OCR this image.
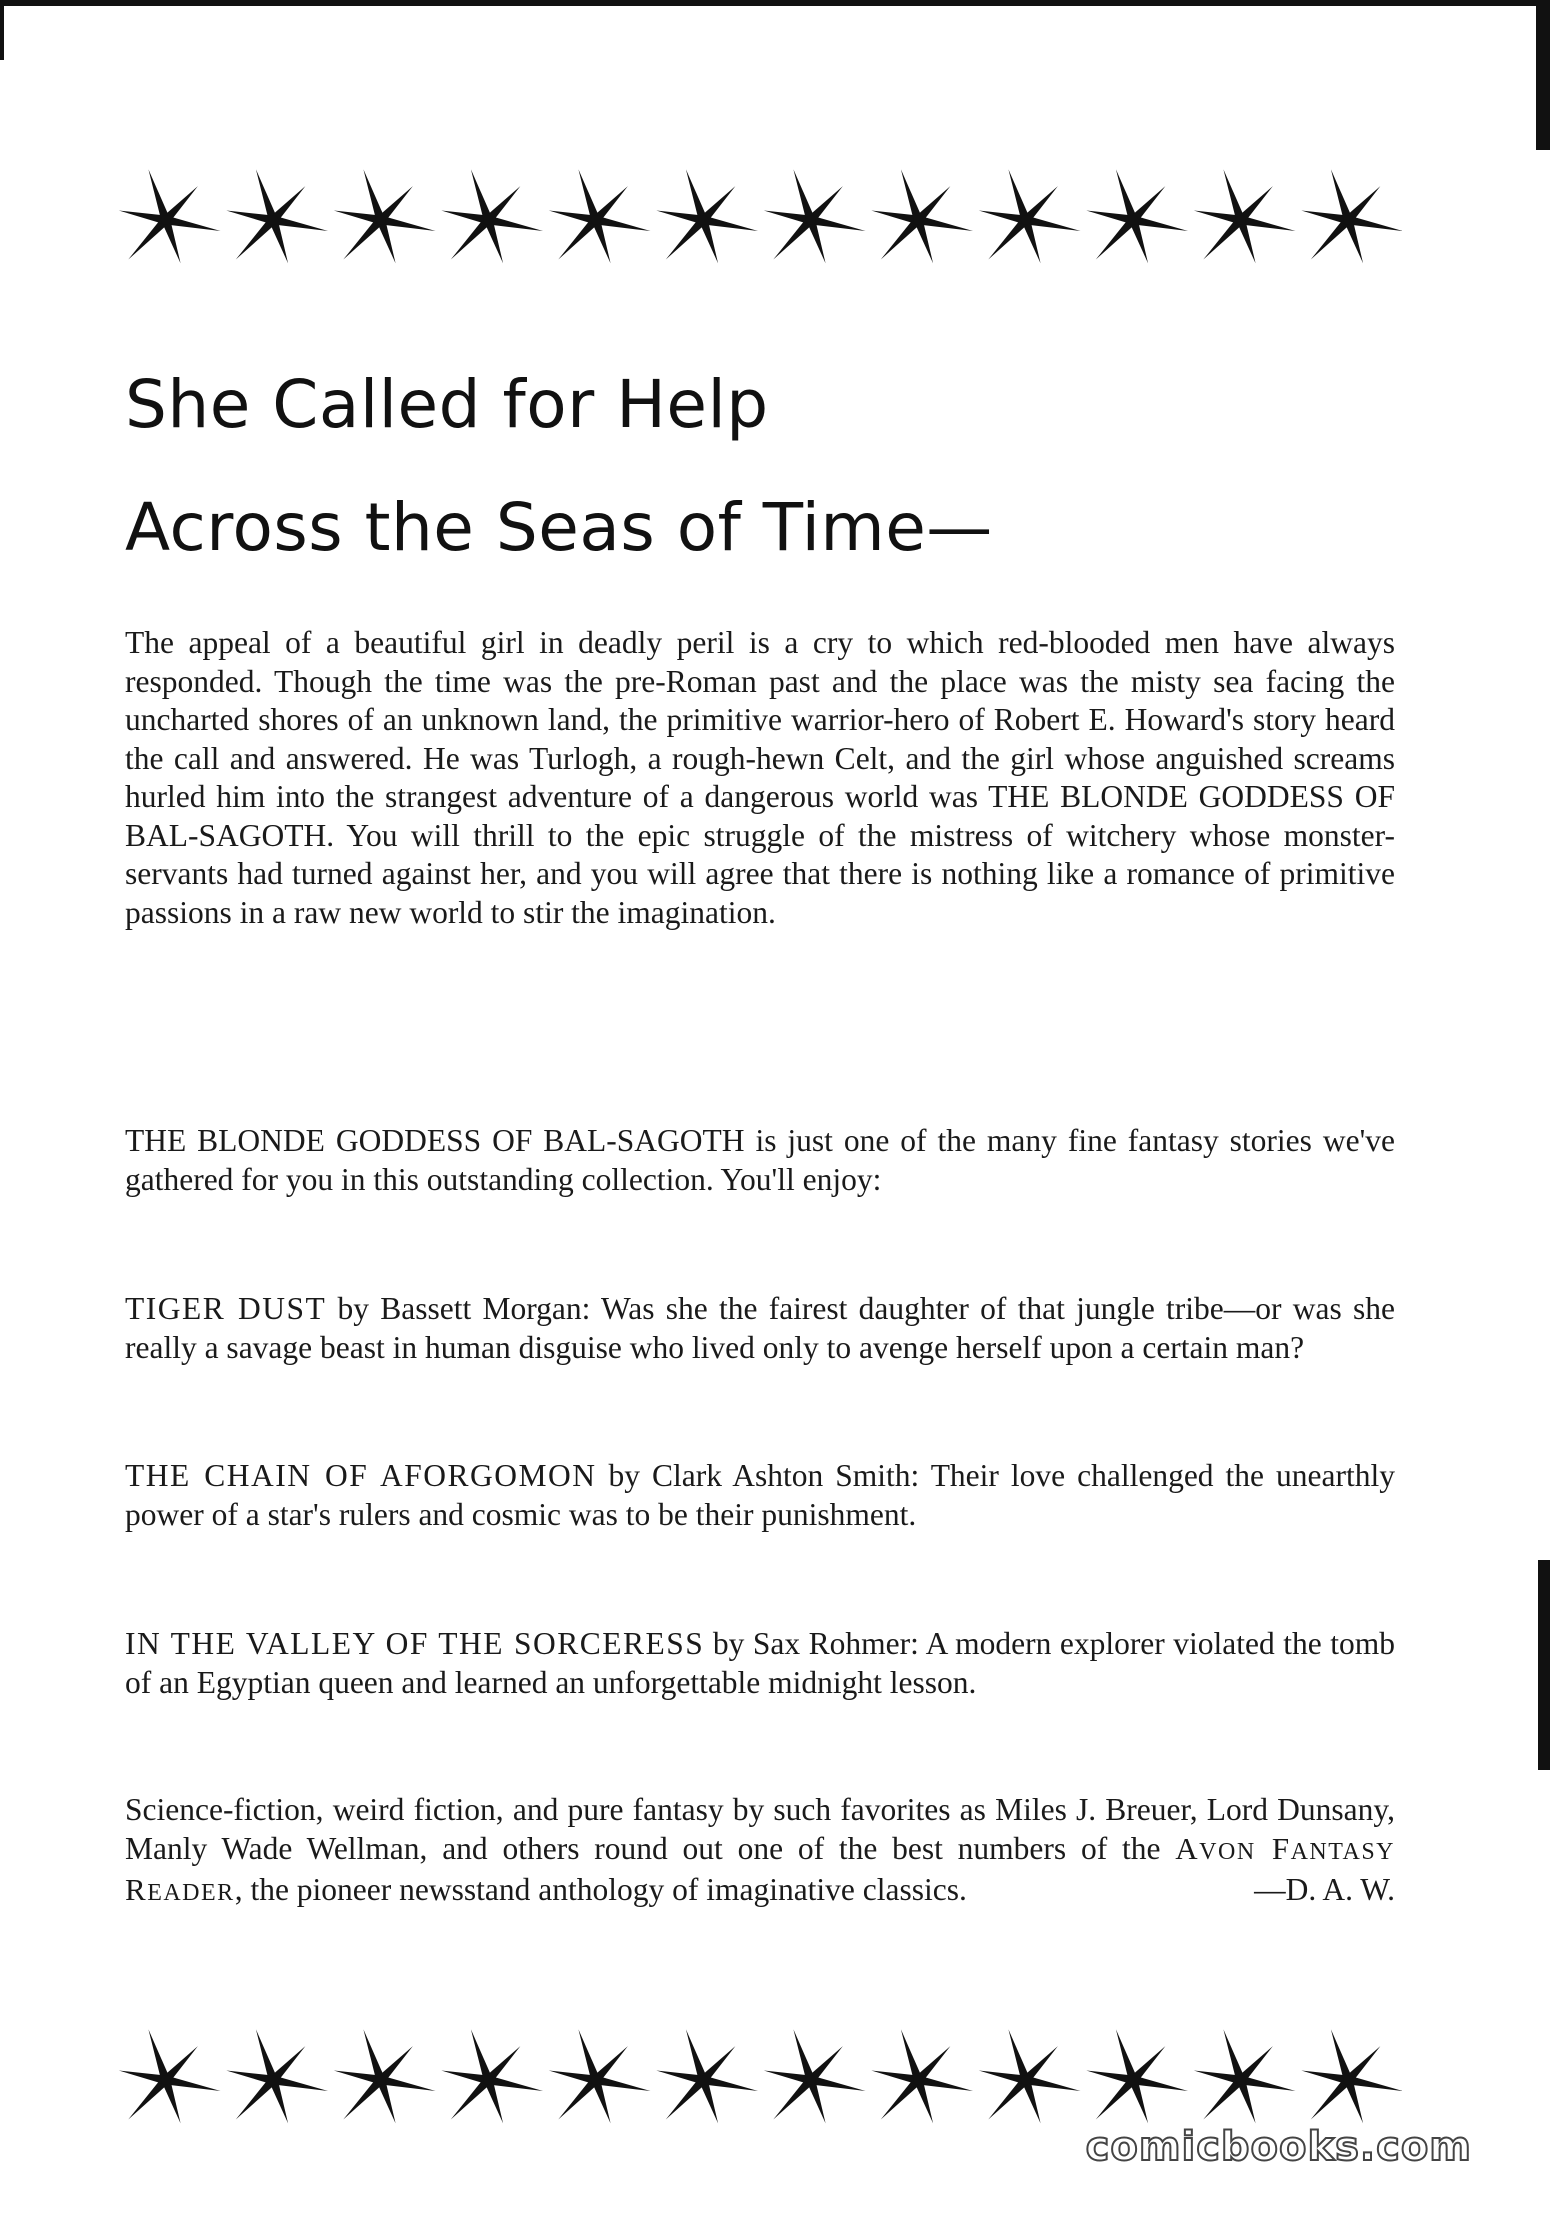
She Called for Help
Across the Seas of Time—

The appeal of a beautiful girl in deadly peril is a cry to which red-blooded men have always responded. Though the time was the pre-Roman past and the place was the misty sea facing the uncharted shores of an unknown land, the primitive warrior-hero of Robert E. Howard's story heard the call and answered. He was Turlogh, a rough-hewn Celt, and the girl whose anguished screams hurled him into the strangest adventure of a dangerous world was THE BLONDE GODDESS OF BAL-SAGOTH. You will thrill to the epic struggle of the mistress of witchery whose monster-servants had turned against her, and you will agree that there is nothing like a romance of primitive passions in a raw new world to stir the imagination.

THE BLONDE GODDESS OF BAL-SAGOTH is just one of the many fine fantasy stories we've gathered for you in this outstanding collection. You'll enjoy:

TIGER DUST by Bassett Morgan: Was she the fairest daughter of that jungle tribe—or was she really a savage beast in human disguise who lived only to avenge herself upon a certain man?

THE CHAIN OF AFORGOMON by Clark Ashton Smith: Their love challenged the unearthly power of a star's rulers and cosmic was to be their punishment.

IN THE VALLEY OF THE SORCERESS by Sax Rohmer: A modern explorer violated the tomb of an Egyptian queen and learned an unforgettable midnight lesson.

Science-fiction, weird fiction, and pure fantasy by such favorites as Miles J. Breuer, Lord Dunsany, Manly Wade Wellman, and others round out one of the best numbers of the AVON FANTASY READER, the pioneer newsstand anthology of imaginative classics.	—D. A. W.

comicbooks.com
